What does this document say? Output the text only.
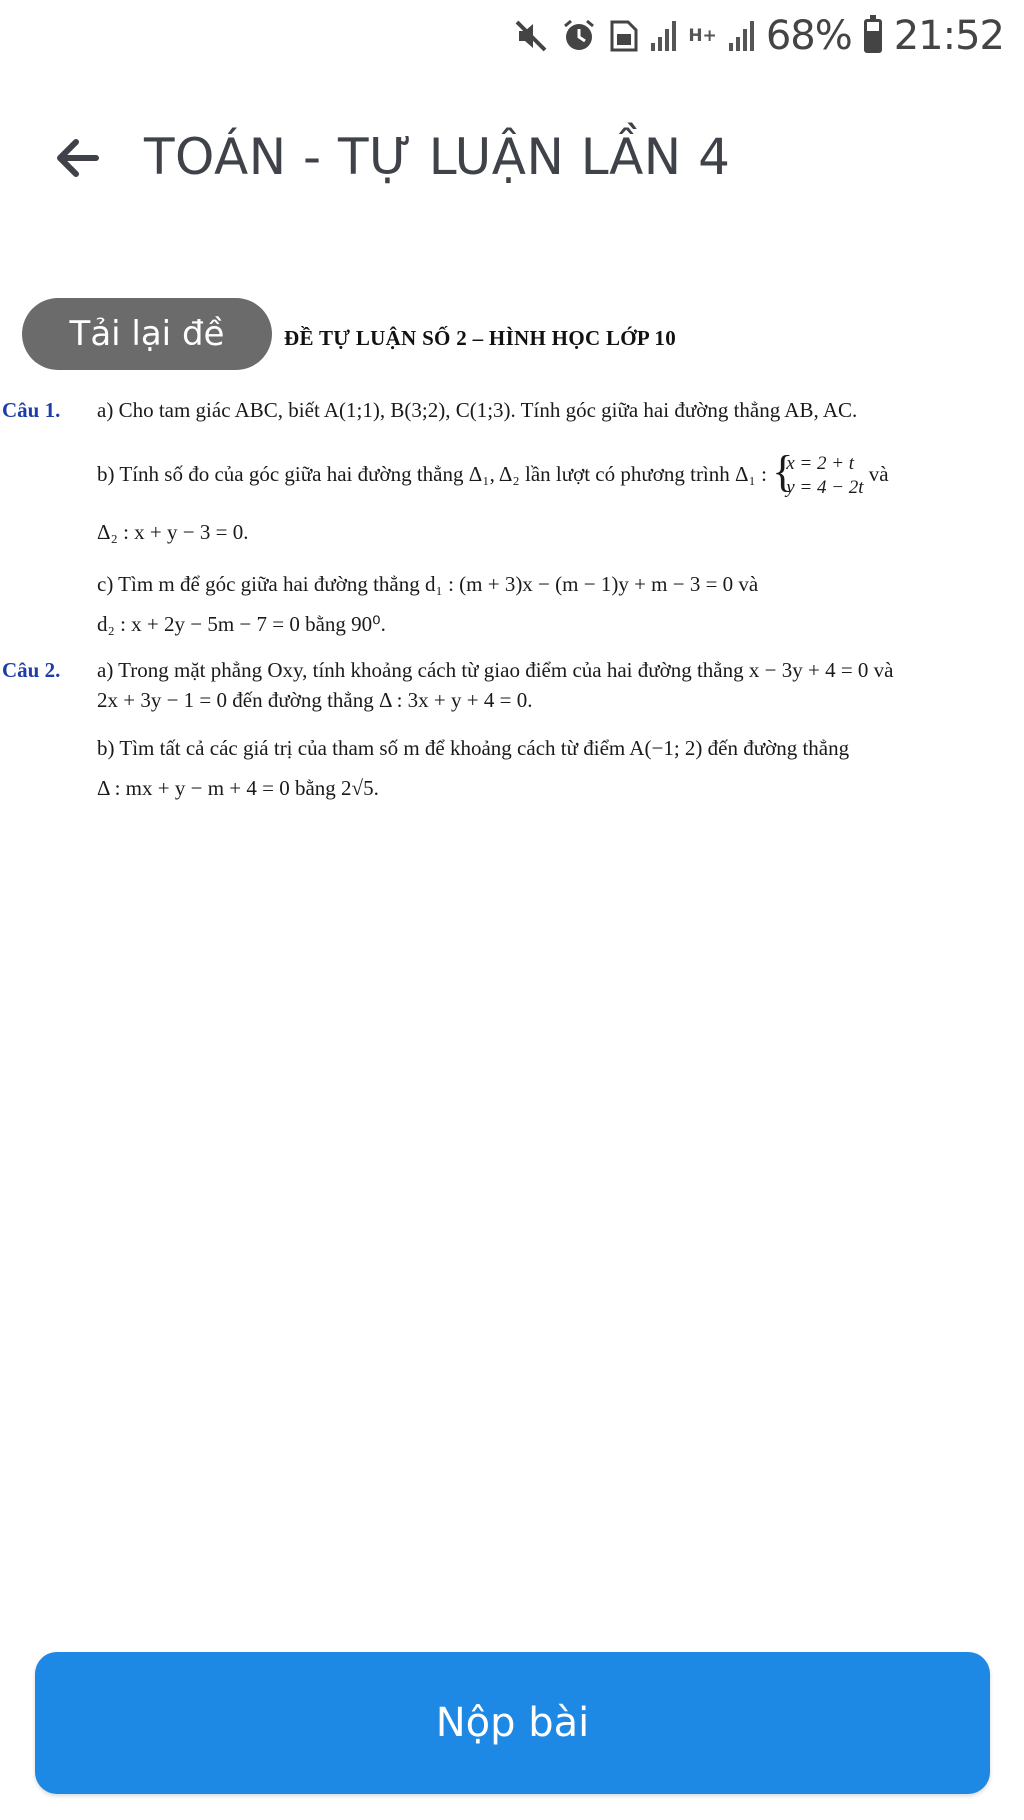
H+ 68% 21:52
TOÁN - TỰ LUẬN LẦN 4
Tải lại đề	ĐỀ TỰ LUẬN SỐ 2 – HÌNH HỌC LỚP 10
Câu 1. a) Cho tam giác ABC, biết A(1;1), B(3;2), C(1;3). Tính góc giữa hai đường thẳng AB, AC.
b) Tính số đo của góc giữa hai đường thẳng Δ₁, Δ₂ lần lượt có phương trình Δ₁ : {
x = 2 + t
y = 4 − 2t
và
Δ₂ : x + y − 3 = 0.
c) Tìm m để góc giữa hai đường thẳng d₁ : (m + 3)x − (m − 1)y + m − 3 = 0 và
d₂ : x + 2y − 5m − 7 = 0 bằng 90⁰.
Câu 2. a) Trong mặt phẳng Oxy, tính khoảng cách từ giao điểm của hai đường thẳng x − 3y + 4 = 0 và
2x + 3y − 1 = 0 đến đường thẳng Δ : 3x + y + 4 = 0.
b) Tìm tất cả các giá trị của tham số m để khoảng cách từ điểm A(−1; 2) đến đường thẳng
Δ : mx + y − m + 4 = 0 bằng 2√5.
Nộp bài
